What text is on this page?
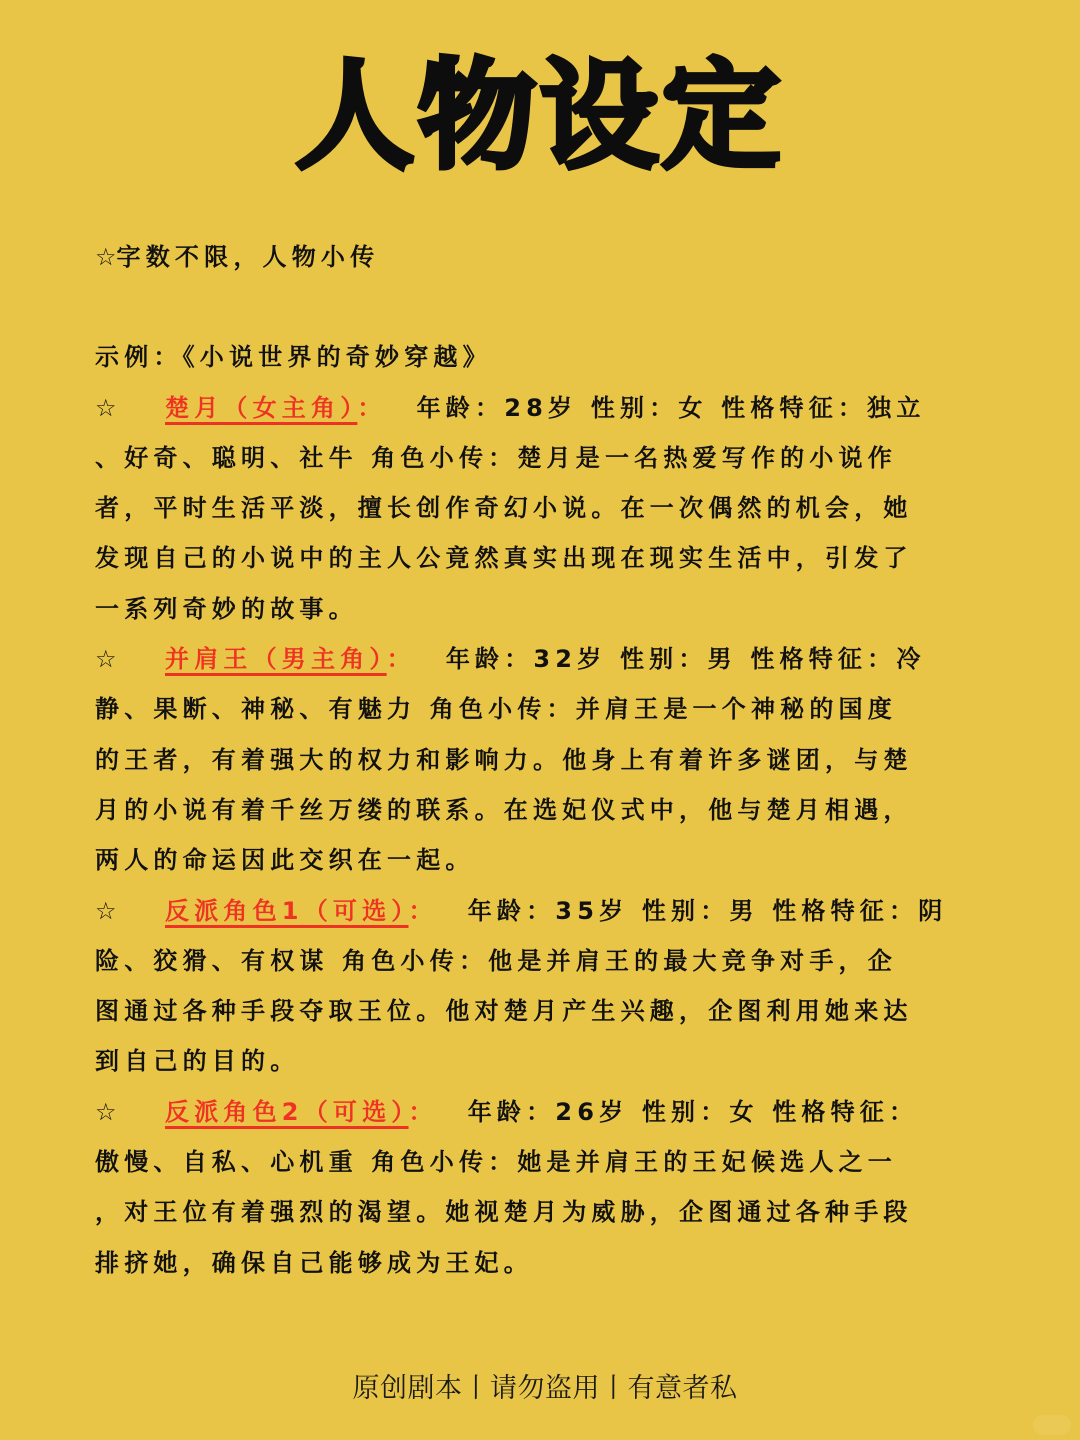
人物设定
☆字数不限，人物小传
示例：《小说世界的奇妙穿越》
☆ 楚月（女主角）： 年龄：28岁 性别：女 性格特征：独立
、好奇、聪明、社牛 角色小传：楚月是一名热爱写作的小说作
者，平时生活平淡，擅长创作奇幻小说。在一次偶然的机会，她
发现自己的小说中的主人公竟然真实出现在现实生活中，引发了
一系列奇妙的故事。
☆ 并肩王（男主角）： 年龄：32岁 性别：男 性格特征：冷
静、果断、神秘、有魅力 角色小传：并肩王是一个神秘的国度
的王者，有着强大的权力和影响力。他身上有着许多谜团，与楚
月的小说有着千丝万缕的联系。在选妃仪式中，他与楚月相遇，
两人的命运因此交织在一起。
☆ 反派角色1（可选）： 年龄：35岁 性别：男 性格特征：阴
险、狡猾、有权谋 角色小传：他是并肩王的最大竞争对手，企
图通过各种手段夺取王位。他对楚月产生兴趣，企图利用她来达
到自己的目的。
☆ 反派角色2（可选）： 年龄：26岁 性别：女 性格特征：
傲慢、自私、心机重 角色小传：她是并肩王的王妃候选人之一
，对王位有着强烈的渴望。她视楚月为威胁，企图通过各种手段
排挤她，确保自己能够成为王妃。
原创剧本丨请勿盗用丨有意者私
